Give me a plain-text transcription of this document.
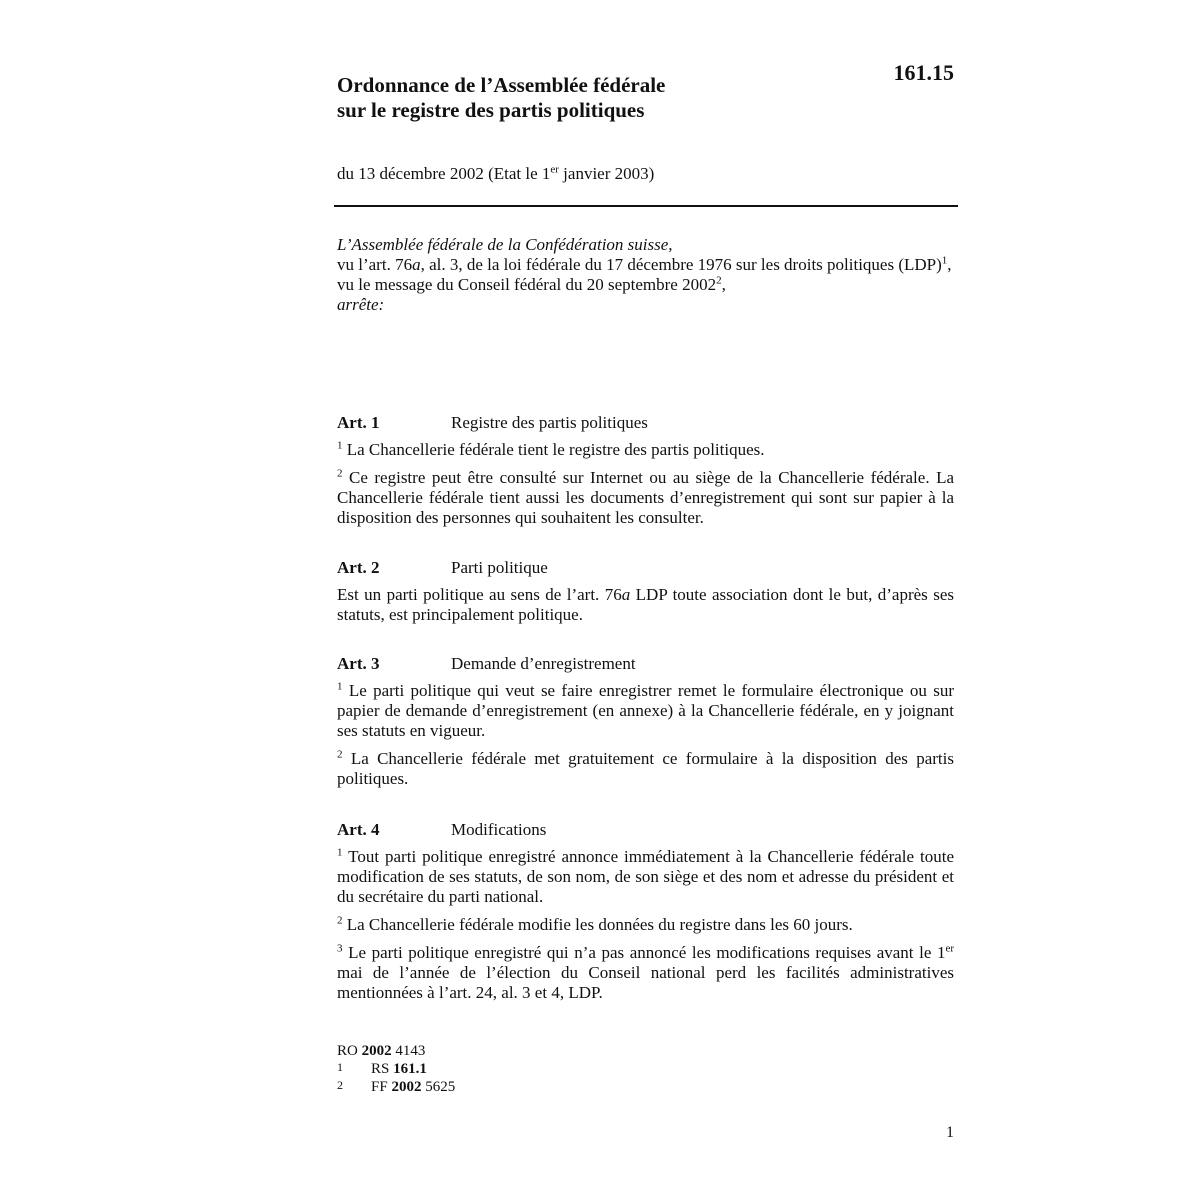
161.15
Ordonnance de l’Assemblée fédérale
sur le registre des partis politiques
du 13 décembre 2002 (Etat le 1er janvier 2003)
L’Assemblée fédérale de la Confédération suisse,
vu l’art. 76a, al. 3, de la loi fédérale du 17 décembre 1976 sur les droits politiques (LDP)$^1$,
vu le message du Conseil fédéral du 20 septembre 2002$^2$,
arrête:
Art. 1	Registre des partis politiques
$^1$ La Chancellerie fédérale tient le registre des partis politiques.
$^2$ Ce registre peut être consulté sur Internet ou au siège de la Chancellerie fédérale. La Chancellerie fédérale tient aussi les documents d’enregistrement qui sont sur papier à la disposition des personnes qui souhaitent les consulter.
Art. 2	Parti politique
Est un parti politique au sens de l’art. 76a LDP toute association dont le but, d’après ses statuts, est principalement politique.
Art. 3	Demande d’enregistrement
$^1$ Le parti politique qui veut se faire enregistrer remet le formulaire électronique ou sur papier de demande d’enregistrement (en annexe) à la Chancellerie fédérale, en y joignant ses statuts en vigueur.
$^2$ La Chancellerie fédérale met gratuitement ce formulaire à la disposition des partis politiques.
Art. 4	Modifications
$^1$ Tout parti politique enregistré annonce immédiatement à la Chancellerie fédérale toute modification de ses statuts, de son nom, de son siège et des nom et adresse du président et du secrétaire du parti national.
$^2$ La Chancellerie fédérale modifie les données du registre dans les 60 jours.
$^3$ Le parti politique enregistré qui n’a pas annoncé les modifications requises avant le 1er mai de l’année de l’élection du Conseil national perd les facilités administratives mentionnées à l’art. 24, al. 3 et 4, LDP.
RO 2002 4143
1	RS 161.1
2	FF 2002 5625
1
